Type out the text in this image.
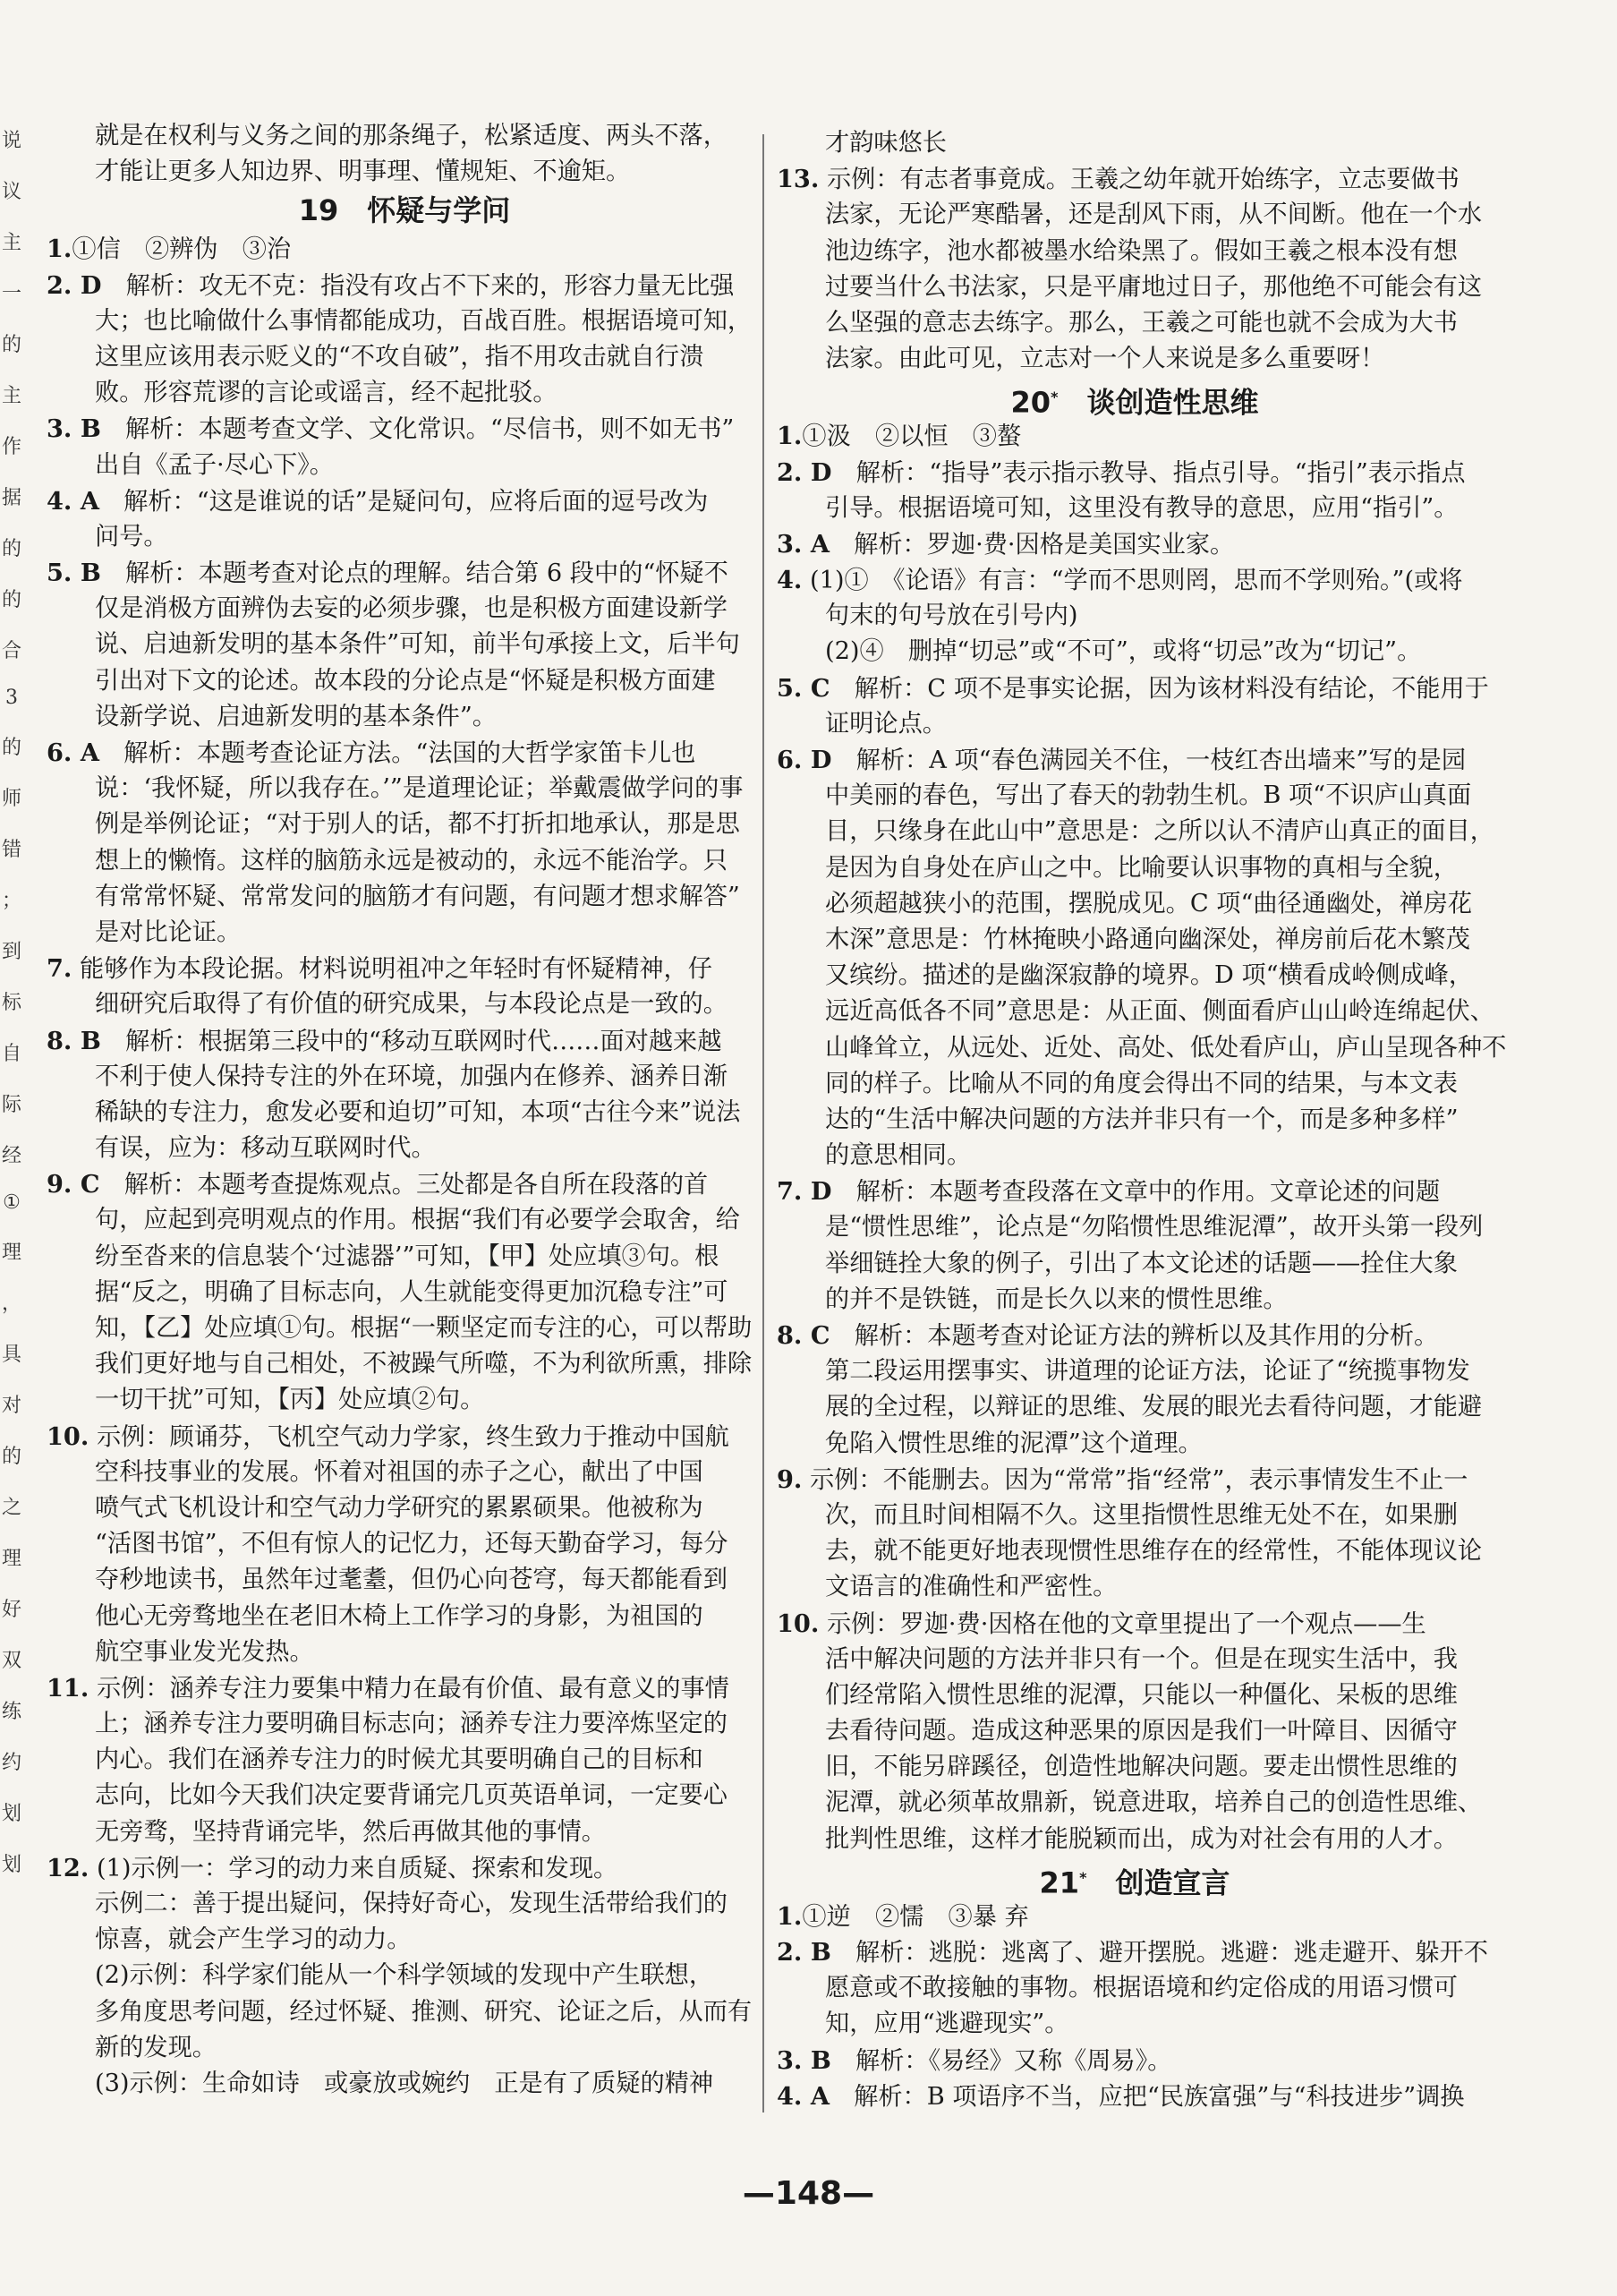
说
议
主
一
的
主
作
据
的
的
合
3
的
师
错
；
到
标
自
际
经
①
理
，
具
对
的
之
理
好
双
练
约
划
划
就是在权利与义务之间的那条绳子，松紧适度、两头不落，
才能让更多人知边界、明事理、懂规矩、不逾矩。
19　怀疑与学问
1.①信　②辨伪　③治
2. D　解析：攻无不克：指没有攻占不下来的，形容力量无比强
大；也比喻做什么事情都能成功，百战百胜。根据语境可知，
这里应该用表示贬义的“不攻自破”，指不用攻击就自行溃
败。形容荒谬的言论或谣言，经不起批驳。
3. B　解析：本题考查文学、文化常识。“尽信书，则不如无书”
出自《孟子·尽心下》。
4. A　解析：“这是谁说的话”是疑问句，应将后面的逗号改为
问号。
5. B　解析：本题考查对论点的理解。结合第 6 段中的“怀疑不
仅是消极方面辨伪去妄的必须步骤，也是积极方面建设新学
说、启迪新发明的基本条件”可知，前半句承接上文，后半句
引出对下文的论述。故本段的分论点是“怀疑是积极方面建
设新学说、启迪新发明的基本条件”。
6. A　解析：本题考查论证方法。“法国的大哲学家笛卡儿也
说：‘我怀疑，所以我存在。’”是道理论证；举戴震做学问的事
例是举例论证；“对于别人的话，都不打折扣地承认，那是思
想上的懒惰。这样的脑筋永远是被动的，永远不能治学。只
有常常怀疑、常常发问的脑筋才有问题，有问题才想求解答”
是对比论证。
7. 能够作为本段论据。材料说明祖冲之年轻时有怀疑精神，仔
细研究后取得了有价值的研究成果，与本段论点是一致的。
8. B　解析：根据第三段中的“移动互联网时代……面对越来越
不利于使人保持专注的外在环境，加强内在修养、涵养日渐
稀缺的专注力，愈发必要和迫切”可知，本项“古往今来”说法
有误，应为：移动互联网时代。
9. C　解析：本题考查提炼观点。三处都是各自所在段落的首
句，应起到亮明观点的作用。根据“我们有必要学会取舍，给
纷至沓来的信息装个‘过滤器’”可知，【甲】处应填③句。根
据“反之，明确了目标志向，人生就能变得更加沉稳专注”可
知，【乙】处应填①句。根据“一颗坚定而专注的心，可以帮助
我们更好地与自己相处，不被躁气所噬，不为利欲所熏，排除
一切干扰”可知，【丙】处应填②句。
10. 示例：顾诵芬，飞机空气动力学家，终生致力于推动中国航
空科技事业的发展。怀着对祖国的赤子之心，献出了中国
喷气式飞机设计和空气动力学研究的累累硕果。他被称为
“活图书馆”，不但有惊人的记忆力，还每天勤奋学习，每分
夺秒地读书，虽然年过耄耋，但仍心向苍穹，每天都能看到
他心无旁骛地坐在老旧木椅上工作学习的身影，为祖国的
航空事业发光发热。
11. 示例：涵养专注力要集中精力在最有价值、最有意义的事情
上；涵养专注力要明确目标志向；涵养专注力要淬炼坚定的
内心。我们在涵养专注力的时候尤其要明确自己的目标和
志向，比如今天我们决定要背诵完几页英语单词，一定要心
无旁骛，坚持背诵完毕，然后再做其他的事情。
12. (1)示例一：学习的动力来自质疑、探索和发现。
示例二：善于提出疑问，保持好奇心，发现生活带给我们的
惊喜，就会产生学习的动力。
(2)示例：科学家们能从一个科学领域的发现中产生联想，
多角度思考问题，经过怀疑、推测、研究、论证之后，从而有
新的发现。
(3)示例：生命如诗　或豪放或婉约　正是有了质疑的精神
才韵味悠长
13. 示例：有志者事竟成。王羲之幼年就开始练字，立志要做书
法家，无论严寒酷暑，还是刮风下雨，从不间断。他在一个水
池边练字，池水都被墨水给染黑了。假如王羲之根本没有想
过要当什么书法家，只是平庸地过日子，那他绝不可能会有这
么坚强的意志去练字。那么，王羲之可能也就不会成为大书
法家。由此可见，立志对一个人来说是多么重要呀！
20*　谈创造性思维
1.①汲　②以恒　③螯
2. D　解析：“指导”表示指示教导、指点引导。“指引”表示指点
引导。根据语境可知，这里没有教导的意思，应用“指引”。
3. A　解析：罗迦·费·因格是美国实业家。
4. (1)①　《论语》有言：“学而不思则罔，思而不学则殆。”(或将
句末的句号放在引号内)
(2)④　删掉“切忌”或“不可”，或将“切忌”改为“切记”。
5. C　解析：C 项不是事实论据，因为该材料没有结论，不能用于
证明论点。
6. D　解析：A 项“春色满园关不住，一枝红杏出墙来”写的是园
中美丽的春色，写出了春天的勃勃生机。B 项“不识庐山真面
目，只缘身在此山中”意思是：之所以认不清庐山真正的面目，
是因为自身处在庐山之中。比喻要认识事物的真相与全貌，
必须超越狭小的范围，摆脱成见。C 项“曲径通幽处，禅房花
木深”意思是：竹林掩映小路通向幽深处，禅房前后花木繁茂
又缤纷。描述的是幽深寂静的境界。D 项“横看成岭侧成峰，
远近高低各不同”意思是：从正面、侧面看庐山山岭连绵起伏、
山峰耸立，从远处、近处、高处、低处看庐山，庐山呈现各种不
同的样子。比喻从不同的角度会得出不同的结果，与本文表
达的“生活中解决问题的方法并非只有一个，而是多种多样”
的意思相同。
7. D　解析：本题考查段落在文章中的作用。文章论述的问题
是“惯性思维”，论点是“勿陷惯性思维泥潭”，故开头第一段列
举细链拴大象的例子，引出了本文论述的话题——拴住大象
的并不是铁链，而是长久以来的惯性思维。
8. C　解析：本题考查对论证方法的辨析以及其作用的分析。
第二段运用摆事实、讲道理的论证方法，论证了“统揽事物发
展的全过程，以辩证的思维、发展的眼光去看待问题，才能避
免陷入惯性思维的泥潭”这个道理。
9. 示例：不能删去。因为“常常”指“经常”，表示事情发生不止一
次，而且时间相隔不久。这里指惯性思维无处不在，如果删
去，就不能更好地表现惯性思维存在的经常性，不能体现议论
文语言的准确性和严密性。
10. 示例：罗迦·费·因格在他的文章里提出了一个观点——生
活中解决问题的方法并非只有一个。但是在现实生活中，我
们经常陷入惯性思维的泥潭，只能以一种僵化、呆板的思维
去看待问题。造成这种恶果的原因是我们一叶障目、因循守
旧，不能另辟蹊径，创造性地解决问题。要走出惯性思维的
泥潭，就必须革故鼎新，锐意进取，培养自己的创造性思维、
批判性思维，这样才能脱颖而出，成为对社会有用的人才。
21*　创造宣言
1.①逆　②懦　③暴 弃
2. B　解析：逃脱：逃离了、避开摆脱。逃避：逃走避开、躲开不
愿意或不敢接触的事物。根据语境和约定俗成的用语习惯可
知，应用“逃避现实”。
3. B　解析：《易经》又称《周易》。
4. A　解析：B 项语序不当，应把“民族富强”与“科技进步”调换
—148—
